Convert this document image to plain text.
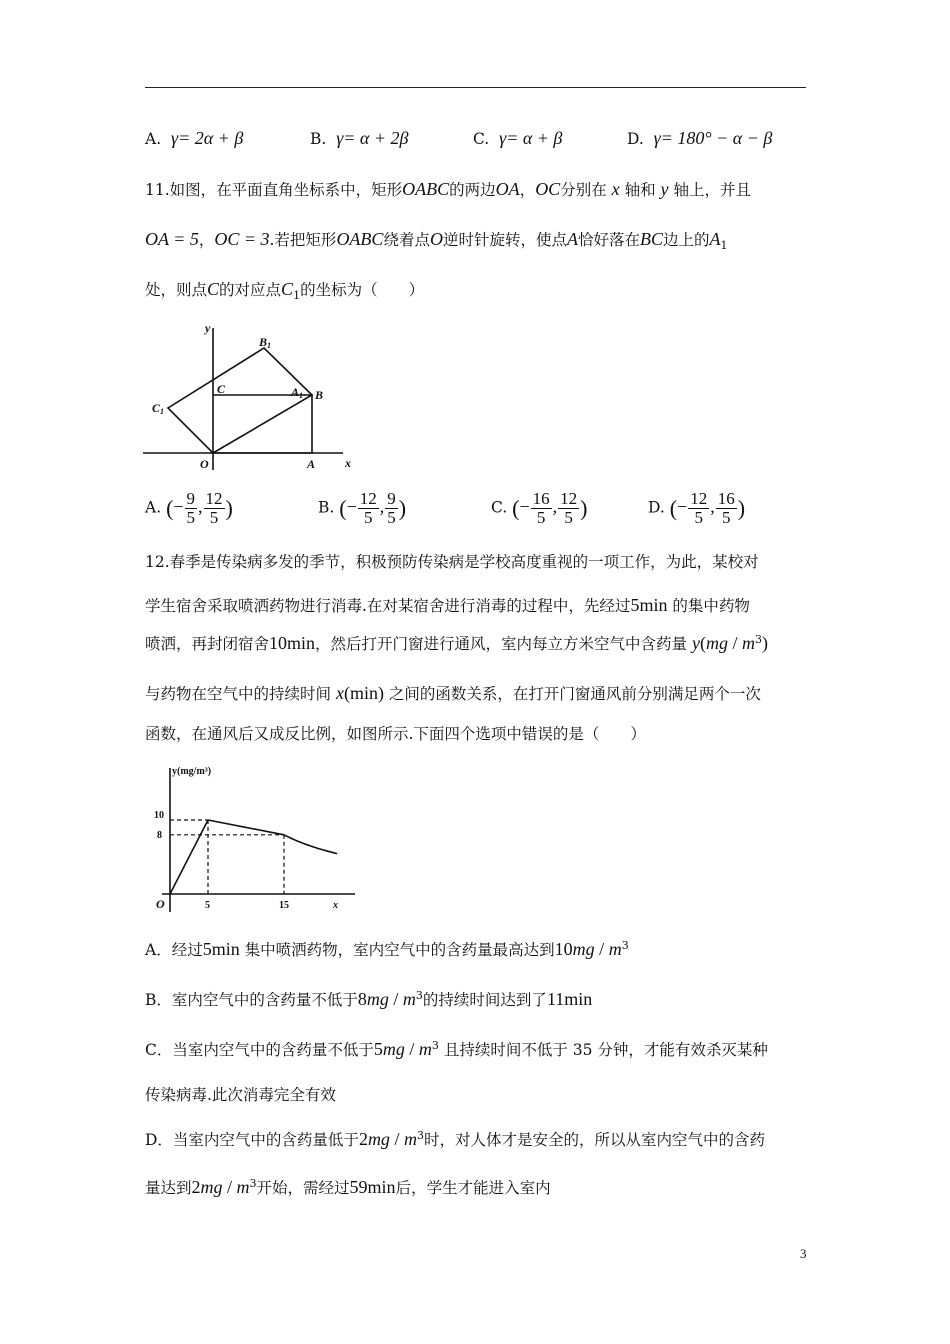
A. γ= 2α + β	B. γ= α + 2β	C. γ= α + β	D. γ= 180° − α − β
11.如图，在平面直角坐标系中，矩形OABC的两边OA，OC分别在 x 轴和 y 轴上，并且
OA = 5，OC = 3.若把矩形OABC绕着点O逆时针旋转，使点A恰好落在BC边上的$A_1$
处，则点C的对应点$C_1$的坐标为（　　）
y
x
O	A
B
C	A1
B1
C1
A. (− $\frac{9}{5}$ , $\frac{12}{5}$ )	B. (− $\frac{12}{5}$ , $\frac{9}{5}$ )	C. (− $\frac{16}{5}$ , $\frac{12}{5}$ )	D. (− $\frac{12}{5}$ , $\frac{16}{5}$ )
12.春季是传染病多发的季节，积极预防传染病是学校高度重视的一项工作，为此，某校对
学生宿舍采取喷洒药物进行消毒.在对某宿舍进行消毒的过程中，先经过5min 的集中药物
喷洒，再封闭宿舍10min，然后打开门窗进行通风，室内每立方米空气中含药量 $y(mg / m^3)$
与药物在空气中的持续时间 x(min) 之间的函数关系，在打开门窗通风前分别满足两个一次
函数，在通风后又成反比例，如图所示.下面四个选项中错误的是（　　）
y(mg/m³)
10
8
5	15
O	x
A．经过5min 集中喷洒药物，室内空气中的含药量最高达到$10mg / m^3$
B．室内空气中的含药量不低于$8mg / m^3$的持续时间达到了11min
C．当室内空气中的含药量不低于$5mg / m^3$ 且持续时间不低于 35 分钟，才能有效杀灭某种
传染病毒.此次消毒完全有效
D．当室内空气中的含药量低于$2mg / m^3$时，对人体才是安全的，所以从室内空气中的含药
量达到$2mg / m^3$开始，需经过59min后，学生才能进入室内
3
